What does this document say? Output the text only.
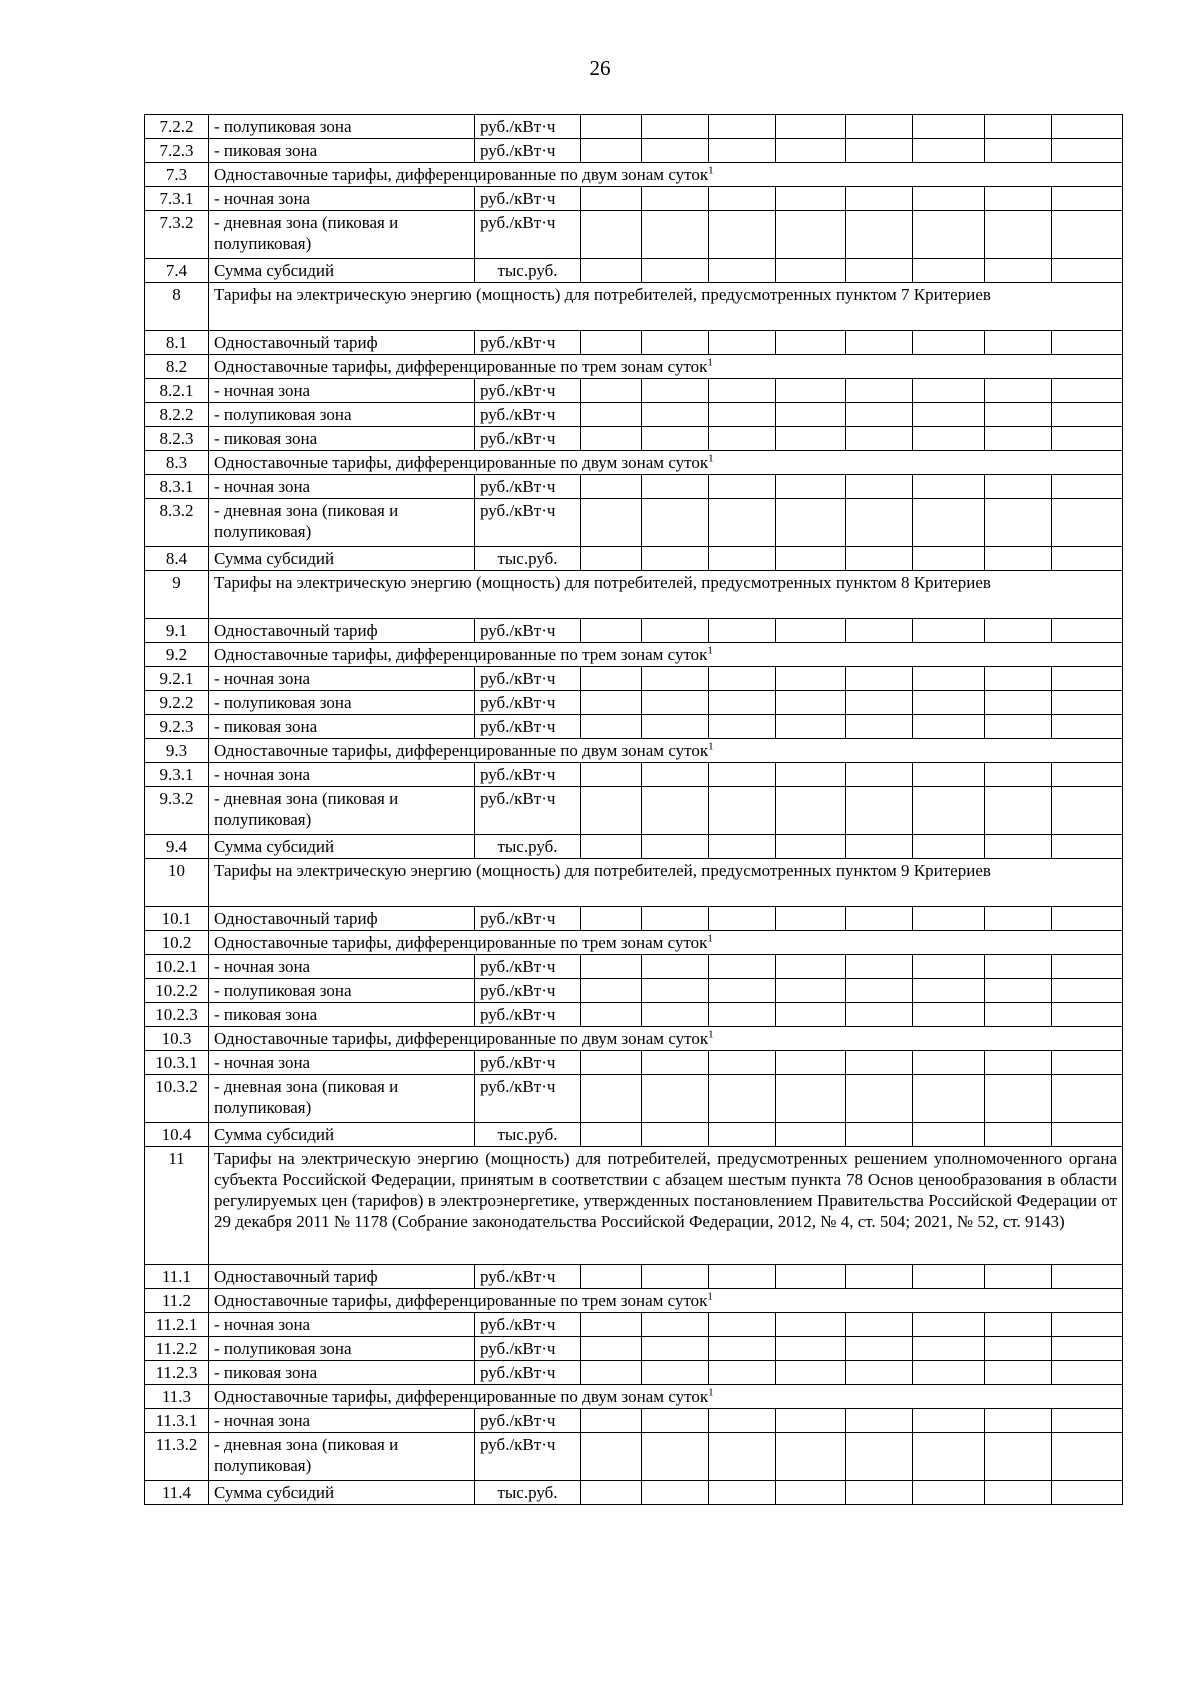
26
7.2.2	- полупиковая зона	руб./кВт·ч								
7.2.3	- пиковая зона	руб./кВт·ч								
7.3	Одноставочные тарифы, дифференцированные по двум зонам суток$^1$
7.3.1	- ночная зона	руб./кВт·ч								
7.3.2	- дневная зона (пиковая и полупиковая)	руб./кВт·ч								
7.4	Сумма субсидий	тыс.руб.								
8	Тарифы на электрическую энергию (мощность) для потребителей, предусмотренных пунктом 7 Критериев									
8.1	Одноставочный тариф	руб./кВт·ч								
8.2	Одноставочные тарифы, дифференцированные по трем зонам суток$^1$
8.2.1	- ночная зона	руб./кВт·ч								
8.2.2	- полупиковая зона	руб./кВт·ч								
8.2.3	- пиковая зона	руб./кВт·ч								
8.3	Одноставочные тарифы, дифференцированные по двум зонам суток$^1$
8.3.1	- ночная зона	руб./кВт·ч								
8.3.2	- дневная зона (пиковая и полупиковая)	руб./кВт·ч								
8.4	Сумма субсидий	тыс.руб.								
9	Тарифы на электрическую энергию (мощность) для потребителей, предусмотренных пунктом 8 Критериев									
9.1	Одноставочный тариф	руб./кВт·ч								
9.2	Одноставочные тарифы, дифференцированные по трем зонам суток$^1$
9.2.1	- ночная зона	руб./кВт·ч								
9.2.2	- полупиковая зона	руб./кВт·ч								
9.2.3	- пиковая зона	руб./кВт·ч								
9.3	Одноставочные тарифы, дифференцированные по двум зонам суток$^1$
9.3.1	- ночная зона	руб./кВт·ч								
9.3.2	- дневная зона (пиковая и полупиковая)	руб./кВт·ч								
9.4	Сумма субсидий	тыс.руб.								
10	Тарифы на электрическую энергию (мощность) для потребителей, предусмотренных пунктом 9 Критериев									
10.1	Одноставочный тариф	руб./кВт·ч								
10.2	Одноставочные тарифы, дифференцированные по трем зонам суток$^1$
10.2.1	- ночная зона	руб./кВт·ч								
10.2.2	- полупиковая зона	руб./кВт·ч								
10.2.3	- пиковая зона	руб./кВт·ч								
10.3	Одноставочные тарифы, дифференцированные по двум зонам суток$^1$
10.3.1	- ночная зона	руб./кВт·ч								
10.3.2	- дневная зона (пиковая и полупиковая)	руб./кВт·ч								
10.4	Сумма субсидий	тыс.руб.								
11	Тарифы на электрическую энергию (мощность) для потребителей, предусмотренных решением уполномоченного органа субъекта Российской Федерации, принятым в соответствии с абзацем шестым пункта 78 Основ ценообразования в области регулируемых цен (тарифов) в электроэнергетике, утвержденных постановлением Правительства Российской Федерации от 29 декабря 2011 № 1178 (Собрание законодательства Российской Федерации, 2012, № 4, ст. 504; 2021, № 52, ст. 9143)									
11.1	Одноставочный тариф	руб./кВт·ч								
11.2	Одноставочные тарифы, дифференцированные по трем зонам суток$^1$
11.2.1	- ночная зона	руб./кВт·ч								
11.2.2	- полупиковая зона	руб./кВт·ч								
11.2.3	- пиковая зона	руб./кВт·ч								
11.3	Одноставочные тарифы, дифференцированные по двум зонам суток$^1$
11.3.1	- ночная зона	руб./кВт·ч								
11.3.2	- дневная зона (пиковая и полупиковая)	руб./кВт·ч								
11.4	Сумма субсидий	тыс.руб.								
